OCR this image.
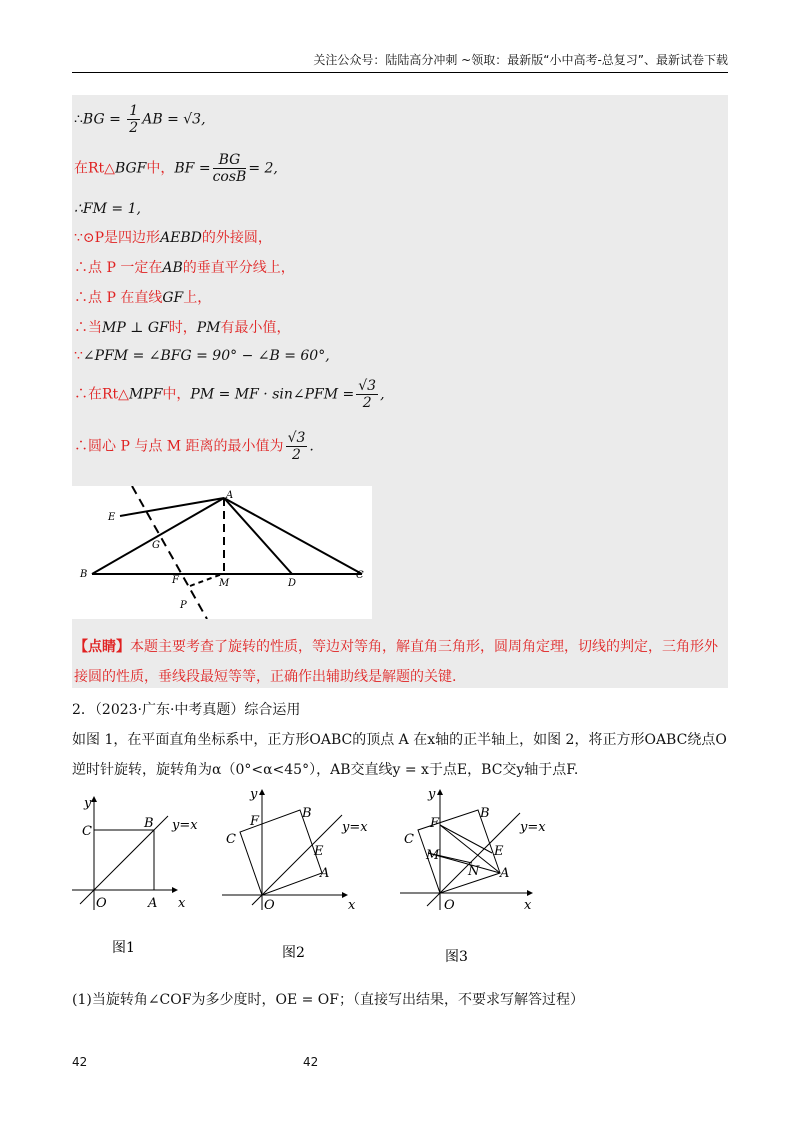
关注公众号：陆陆高分冲刺 ~领取：最新版“小中高考-总复习”、最新试卷下载
∴BG = $\frac{1}{2}$ AB = √3,
在Rt△BGF中，BF = $\frac{BG}{\cos B} = 2$,
∴FM = 1,
∵⊙P是四边形AEBD的外接圆，
∴点 P 一定在AB的垂直平分线上，
∴点 P 在直线GF上，
∴当MP ⊥ GF时，PM有最小值，
∵∠PFM = ∠BFG = 90° − ∠B = 60°,
∴在Rt△MPF中，PM = MF · sin∠PFM = $\frac{√3}{2}$ ,
∴圆心 P 与点 M 距离的最小值为 $\frac{√3}{2}$ .
A
B	C
D
E
F
G
M
P
【点睛】本题主要考查了旋转的性质，等边对等角，解直角三角形，圆周角定理，切线的判定，三角形外接圆的性质，垂线段最短等等，正确作出辅助线是解题的关键.
2．（2023·广东·中考真题）综合运用
如图 1，在平面直角坐标系中，正方形OABC的顶点 A 在x轴的正半轴上，如图 2，将正方形OABC绕点O
逆时针旋转，旋转角为α（0°<α<45°），AB交直线y = x于点E，BC交y轴于点F.
y
x
y=x
C
B
O	A
图1
y
x
y=x
C
F
B
E
A
O
图2
y
x
y=x
C
F
B
M	E
N A
O
图3
(1)当旋转角∠COF为多少度时，OE = OF；（直接写出结果，不要求写解答过程）
42	42
